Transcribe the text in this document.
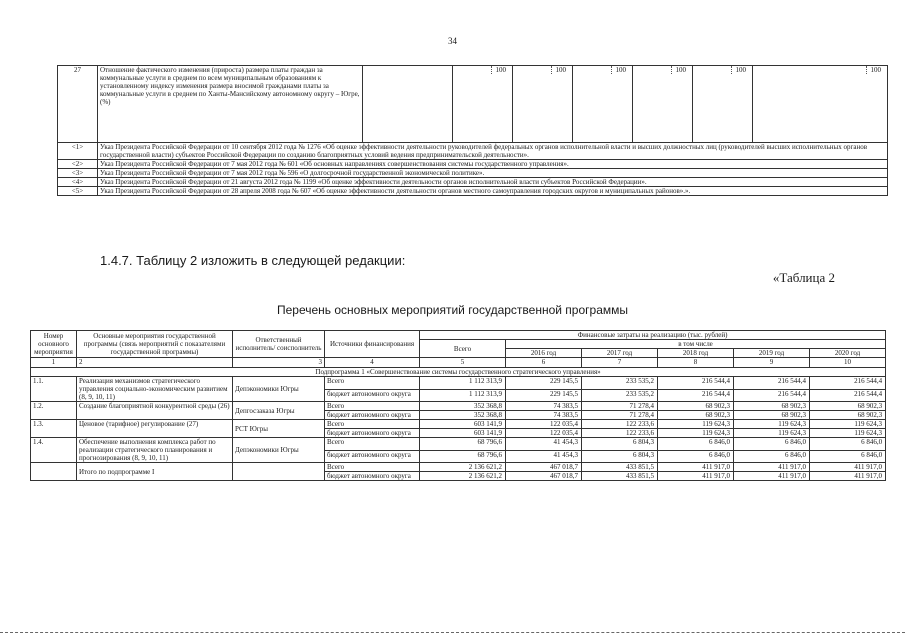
34
27	Отношение фактического изменения (прироста) размера платы граждан за коммунальные услуги в среднем по всем муниципальным образованиям к установленному индексу изменения размера вносимой гражданами платы за коммунальные услуги в среднем по Ханты-Мансийскому автономному округу – Югре, (%)		100	100	100	100	100	100
<1>	Указ Президента Российской Федерации от 10 сентября 2012 года № 1276 «Об оценке эффективности деятельности руководителей федеральных органов исполнительной власти и высших должностных лиц (руководителей высших исполнительных органов государственной власти) субъектов Российской Федерации по созданию благоприятных условий ведения предпринимательской деятельности».							
<2>	Указ Президента Российской Федерации от 7 мая 2012 года № 601 «Об основных направлениях совершенствования системы государственного управления».							
<3>	Указ Президента Российской Федерации от 7 мая 2012 года № 596 «О долгосрочной государственной экономической политике».							
<4>	Указ Президента Российской Федерации от 21 августа 2012 года № 1199 «Об оценке эффективности деятельности органов исполнительной власти субъектов Российской Федерации».							
<5>	Указ Президента Российской Федерации от 28 апреля 2008 года № 607 «Об оценке эффективности деятельности органов местного самоуправления городских округов и муниципальных районов».».							
1.4.7. Таблицу 2 изложить в следующей редакции:
«Таблица 2
Перечень основных мероприятий государственной программы
Номер основного мероприятия	Основные мероприятия государственной программы (связь мероприятий с показателями государственной программы)	Ответственный исполнитель/ соисполнитель	Источники финансирования	Финансовые затраты на реализацию (тыс. рублей)					
				Всего	в том числе				
					2016 год	2017 год	2018 год	2019 год	2020 год
1	2	3	4	5	6	7	8	9	10
Подпрограмма 1 «Совершенствование системы государственного стратегического управления»									
1.1.	Реализация механизмов стратегического управления социально-экономическим развитием (8, 9, 10, 11)	Депэкономики Югры	Всего	1 112 313,9	229 145,5	233 535,2	216 544,4	216 544,4	216 544,4
			бюджет автономного округа	1 112 313,9	229 145,5	233 535,2	216 544,4	216 544,4	216 544,4
1.2.	Создание благоприятной конкурентной среды (26)	Депгосзаказа Югры	Всего	352 368,8	74 383,5	71 278,4	68 902,3	68 902,3	68 902,3
			бюджет автономного округа	352 368,8	74 383,5	71 278,4	68 902,3	68 902,3	68 902,3
1.3.	Ценовое (тарифное) регулирование (27)	РСТ Югры	Всего	603 141,9	122 035,4	122 233,6	119 624,3	119 624,3	119 624,3
			бюджет автономного округа	603 141,9	122 035,4	122 233,6	119 624,3	119 624,3	119 624,3
1.4.	Обеспечение выполнения комплекса работ по реализации стратегического планирования и прогнозирования (8, 9, 10, 11)	Депэкономики Югры	Всего	68 796,6	41 454,3	6 804,3	6 846,0	6 846,0	6 846,0
			бюджет автономного округа	68 796,6	41 454,3	6 804,3	6 846,0	6 846,0	6 846,0
	Итого по подпрограмме I		Всего	2 136 621,2	467 018,7	433 851,5	411 917,0	411 917,0	411 917,0
			бюджет автономного округа	2 136 621,2	467 018,7	433 851,5	411 917,0	411 917,0	411 917,0
